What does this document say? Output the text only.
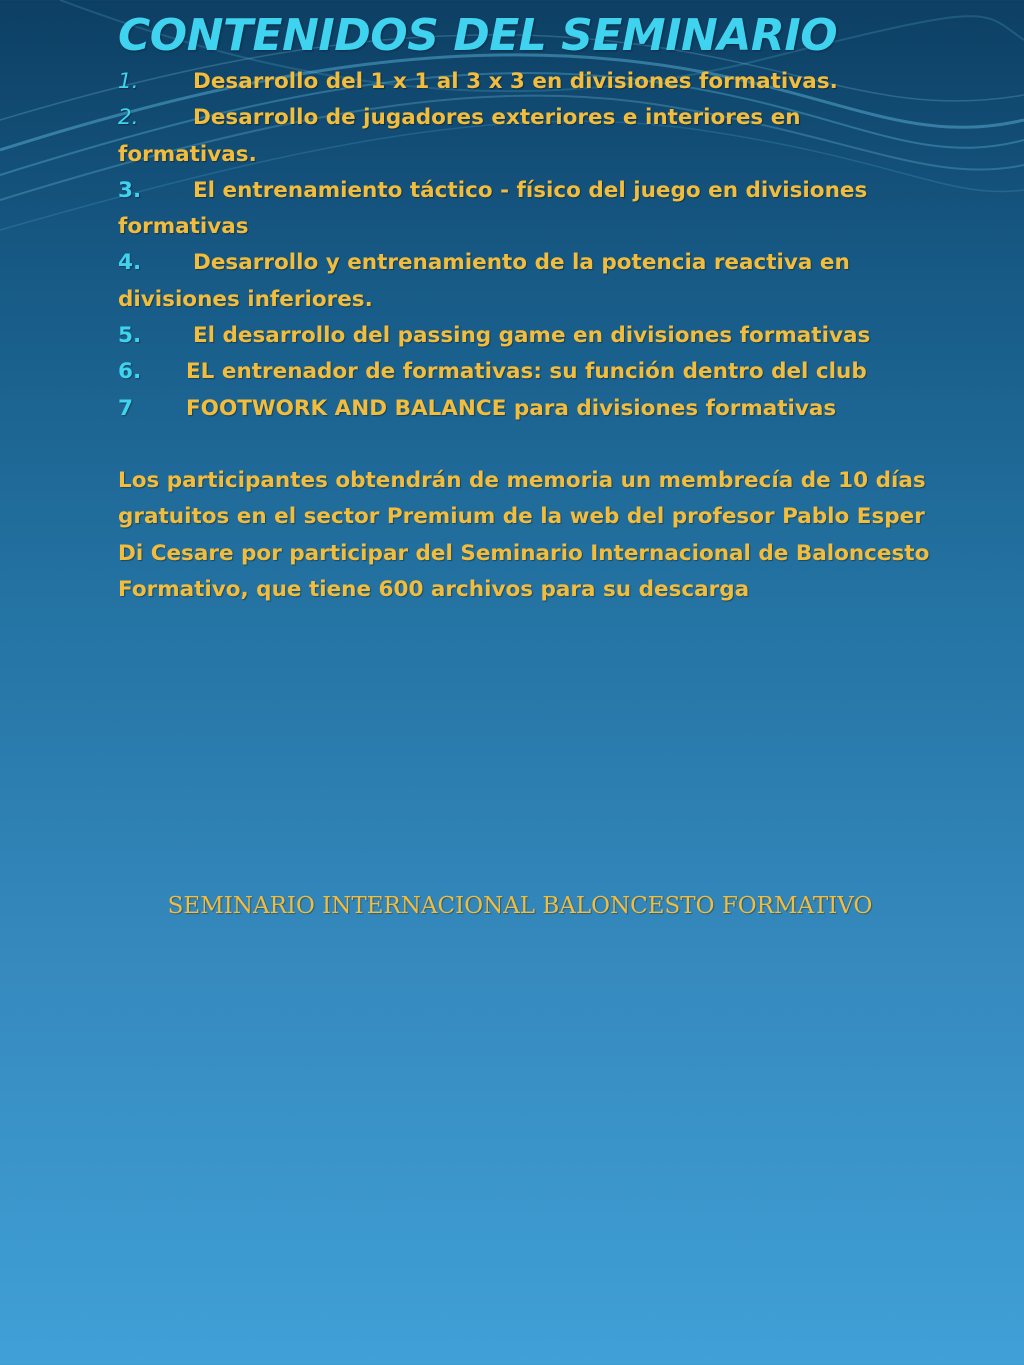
CONTENIDOS DEL SEMINARIO
1.	Desarrollo del 1 x 1 al 3 x 3 en divisiones formativas.
2.	Desarrollo de jugadores exteriores e interiores en formativas.
3. El entrenamiento táctico - físico del juego en divisiones formativas
4. Desarrollo y entrenamiento de la potencia reactiva en divisiones inferiores.
5. El desarrollo del passing game en divisiones formativas
6. EL entrenador de formativas: su función dentro del club
7 FOOTWORK AND BALANCE para divisiones formativas

Los participantes obtendrán de memoria un membrecía de 10 días gratuitos en el sector Premium de la web del profesor Pablo Esper Di Cesare por participar del Seminario Internacional de Baloncesto Formativo, que tiene 600 archivos para su descarga

SEMINARIO INTERNACIONAL BALONCESTO FORMATIVO
